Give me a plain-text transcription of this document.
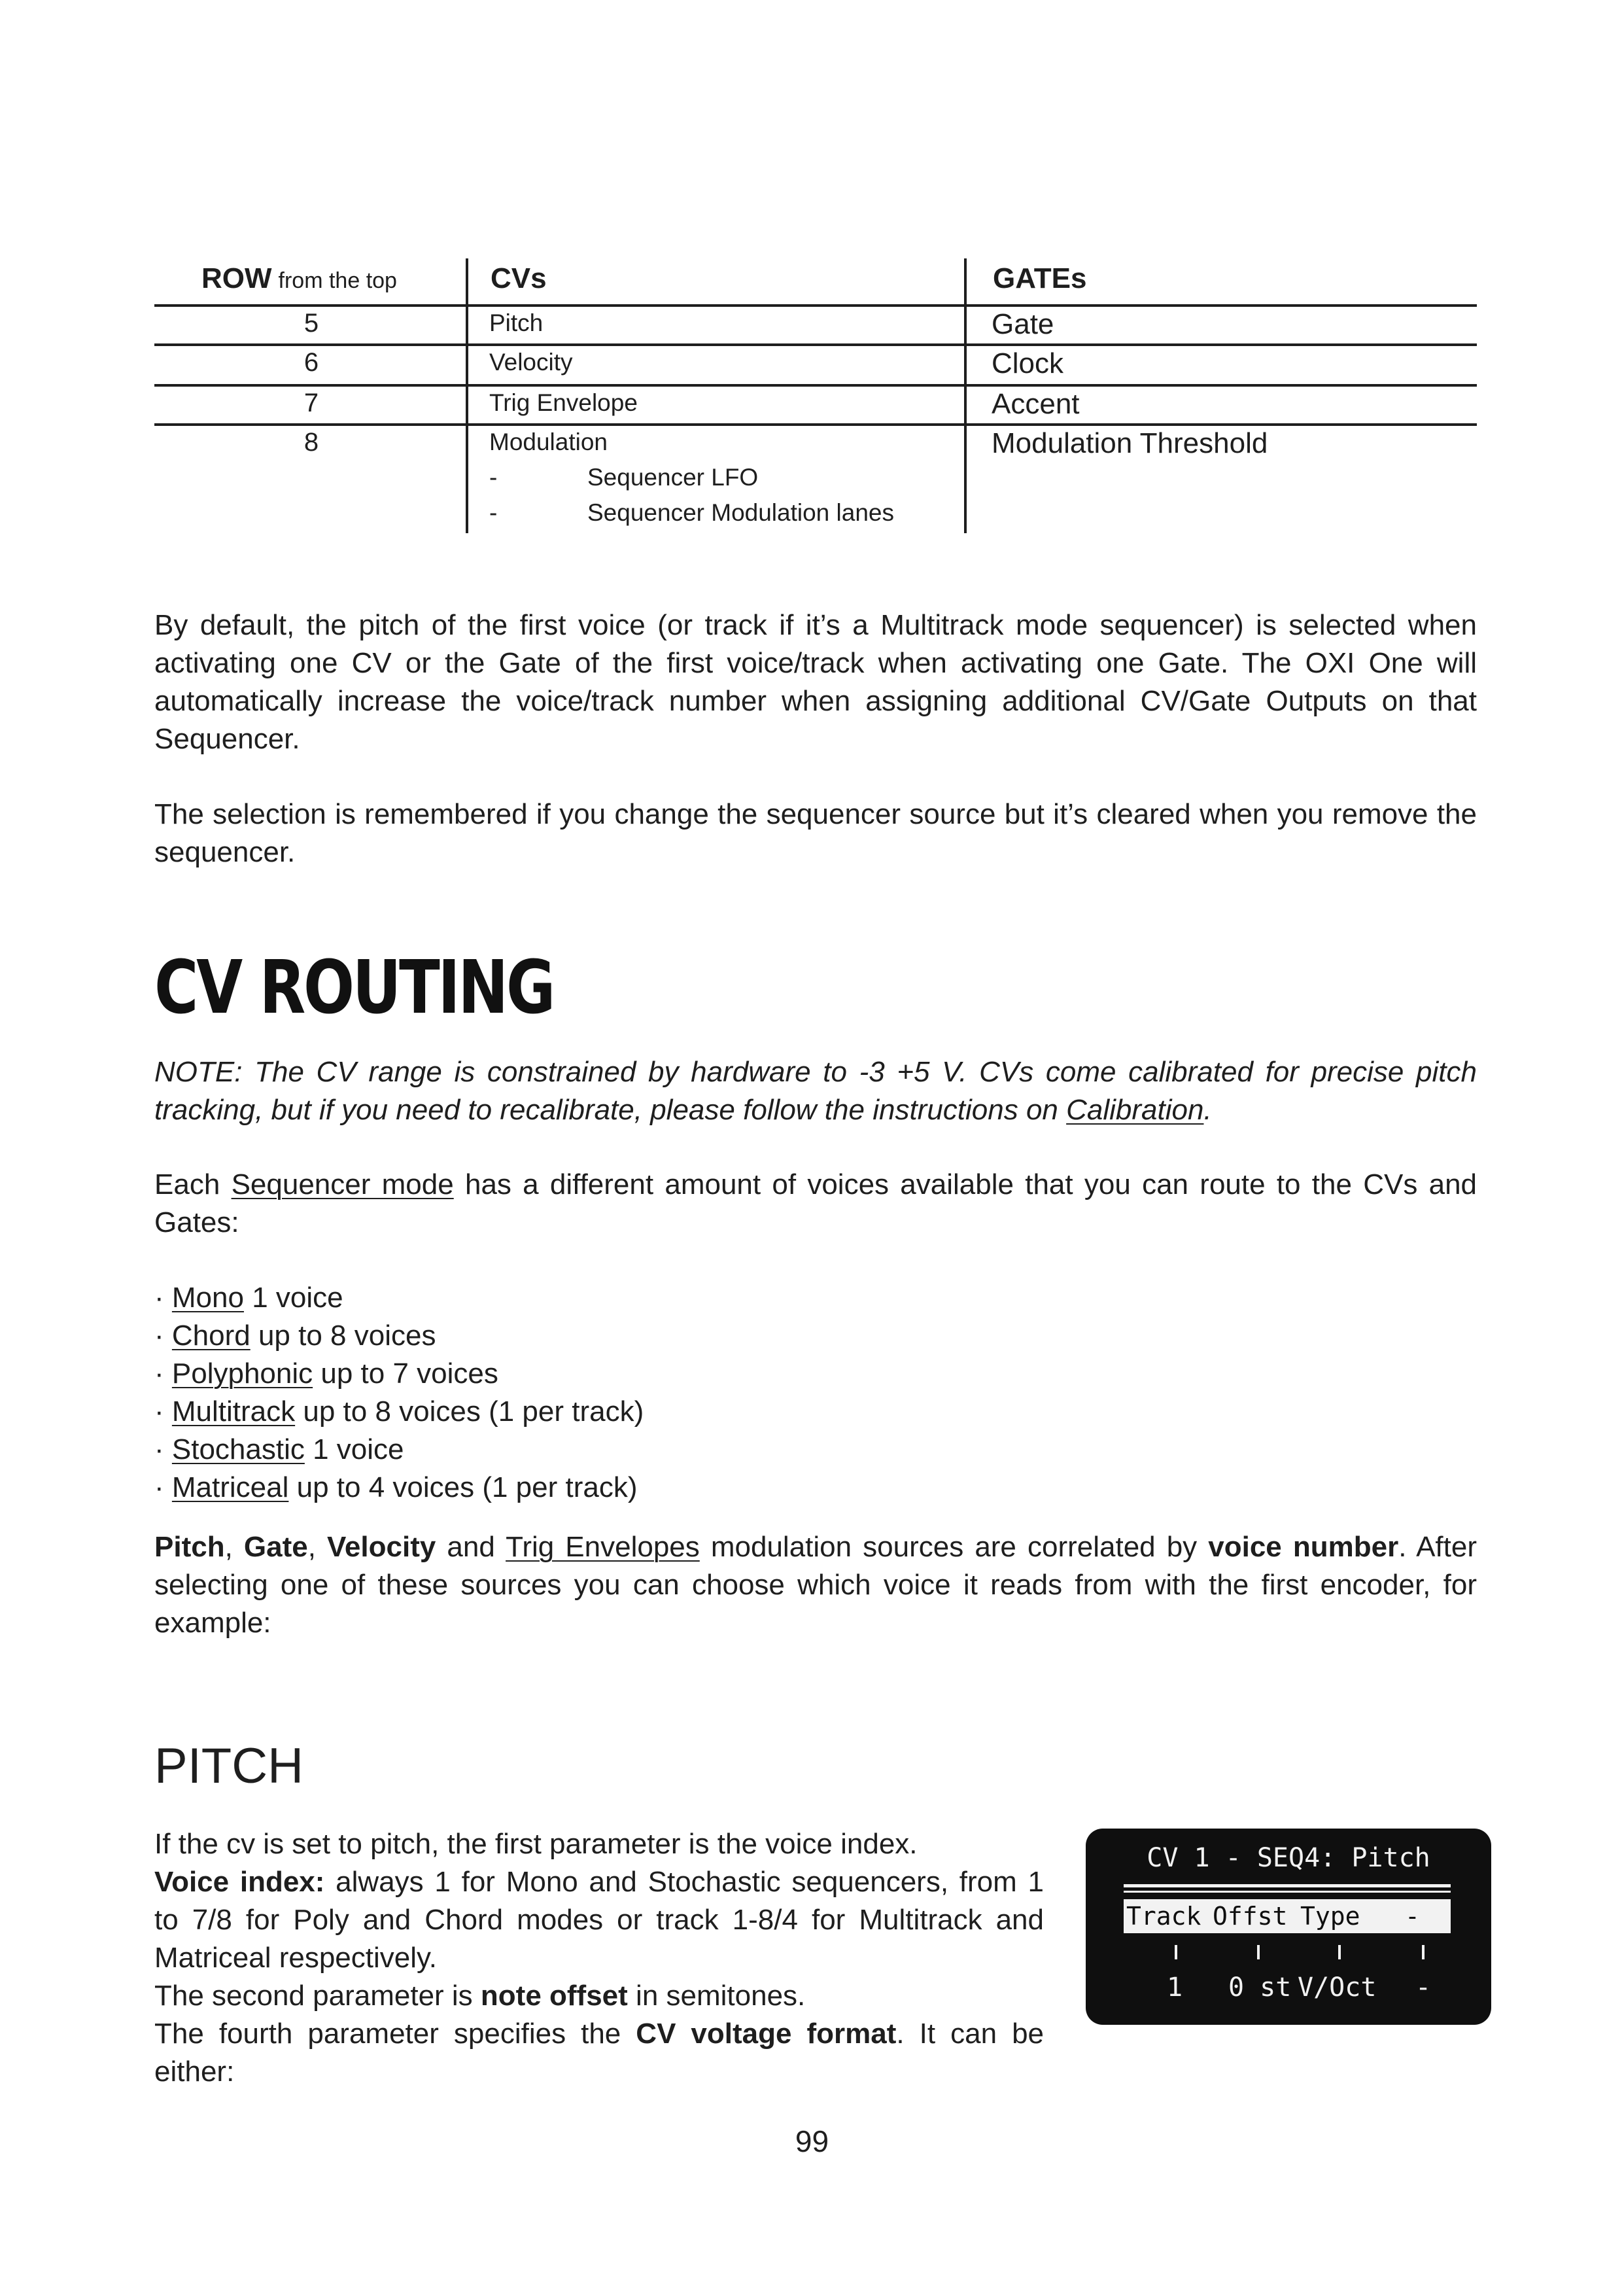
ROW from the top	CVs	GATEs
5	Pitch	Gate
6	Velocity	Clock
7	Trig Envelope	Accent
8	Modulation	Modulation Threshold
-	Sequencer LFO
-	Sequencer Modulation lanes

By default, the pitch of the first voice (or track if it’s a Multitrack mode sequencer) is selected when activating one CV or the Gate of the first voice/track when activating one Gate. The OXI One will automatically increase the voice/track number when assigning additional CV/Gate Outputs on that Sequencer.

The selection is remembered if you change the sequencer source but it’s cleared when you remove the sequencer.

CV ROUTING

NOTE: The CV range is constrained by hardware to -3 +5 V. CVs come calibrated for precise pitch tracking, but if you need to recalibrate, please follow the instructions on Calibration.

Each Sequencer mode has a different amount of voices available that you can route to the CVs and Gates:

· Mono 1 voice
· Chord up to 8 voices
· Polyphonic up to 7 voices
· Multitrack up to 8 voices (1 per track)
· Stochastic 1 voice
· Matriceal up to 4 voices (1 per track)

Pitch, Gate, Velocity and Trig Envelopes modulation sources are correlated by voice number. After selecting one of these sources you can choose which voice it reads from with the first encoder, for example:

PITCH

If the cv is set to pitch, the first parameter is the voice index.

Voice index: always 1 for Mono and Stochastic sequencers, from 1 to 7/8 for Poly and Chord modes or track 1-8/4 for Multitrack and Matriceal respectively.

The second parameter is note offset in semitones.

The fourth parameter specifies the CV voltage format. It can be either:

CV 1 - SEQ4: Pitch
Track Offst Type -
1 0 st V/Oct -
99
